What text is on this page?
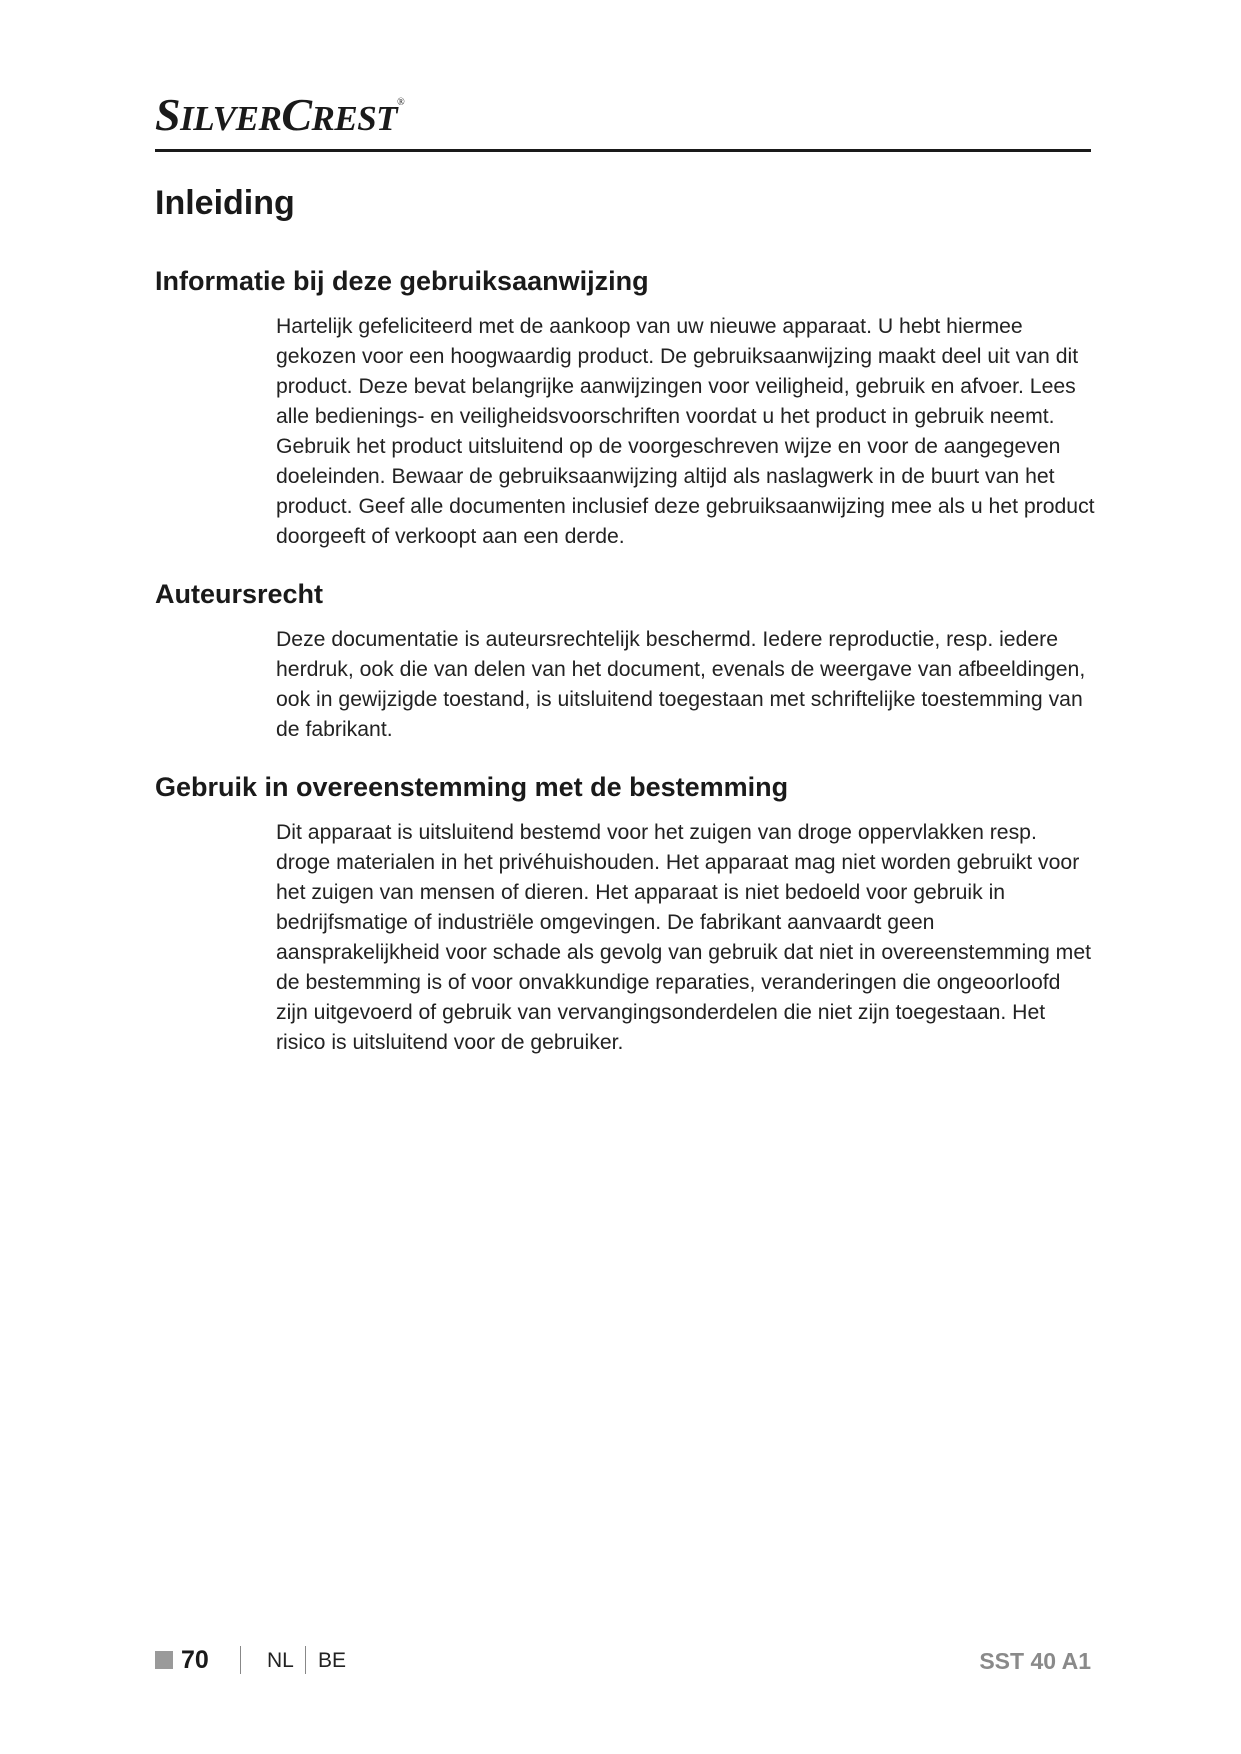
SILVERCREST®
Inleiding
Informatie bij deze gebruiksaanwijzing

Hartelijk gefeliciteerd met de aankoop van uw nieuwe apparaat. U hebt hiermee gekozen voor een hoogwaardig product. De gebruiksaanwijzing maakt deel uit van dit product. Deze bevat belangrijke aanwijzingen voor veiligheid, gebruik en afvoer. Lees alle bedienings- en veiligheidsvoorschriften voordat u het product in gebruik neemt. Gebruik het product uitsluitend op de voorgeschreven wijze en voor de aangegeven doeleinden. Bewaar de gebruiksaanwijzing altijd als naslagwerk in de buurt van het product. Geef alle documenten inclusief deze gebruiksaanwijzing mee als u het product doorgeeft of verkoopt aan een derde.

Auteursrecht

Deze documentatie is auteursrechtelijk beschermd. Iedere reproductie, resp. iedere herdruk, ook die van delen van het document, evenals de weergave van afbeeldingen, ook in gewijzigde toestand, is uitsluitend toegestaan met schriftelijke toestemming van de fabrikant.

Gebruik in overeenstemming met de bestemming

Dit apparaat is uitsluitend bestemd voor het zuigen van droge oppervlakken resp. droge materialen in het privéhuishouden. Het apparaat mag niet worden gebruikt voor het zuigen van mensen of dieren. Het apparaat is niet bedoeld voor gebruik in bedrijfsmatige of industriële omgevingen. De fabrikant aanvaardt geen aansprakelijkheid voor schade als gevolg van gebruik dat niet in overeenstemming met de bestemming is of voor onvakkundige reparaties, veranderingen die ongeoorloofd zijn uitgevoerd of gebruik van vervangingsonderdelen die niet zijn toegestaan. Het risico is uitsluitend voor de gebruiker.

70	NL BE	SST 40 A1
